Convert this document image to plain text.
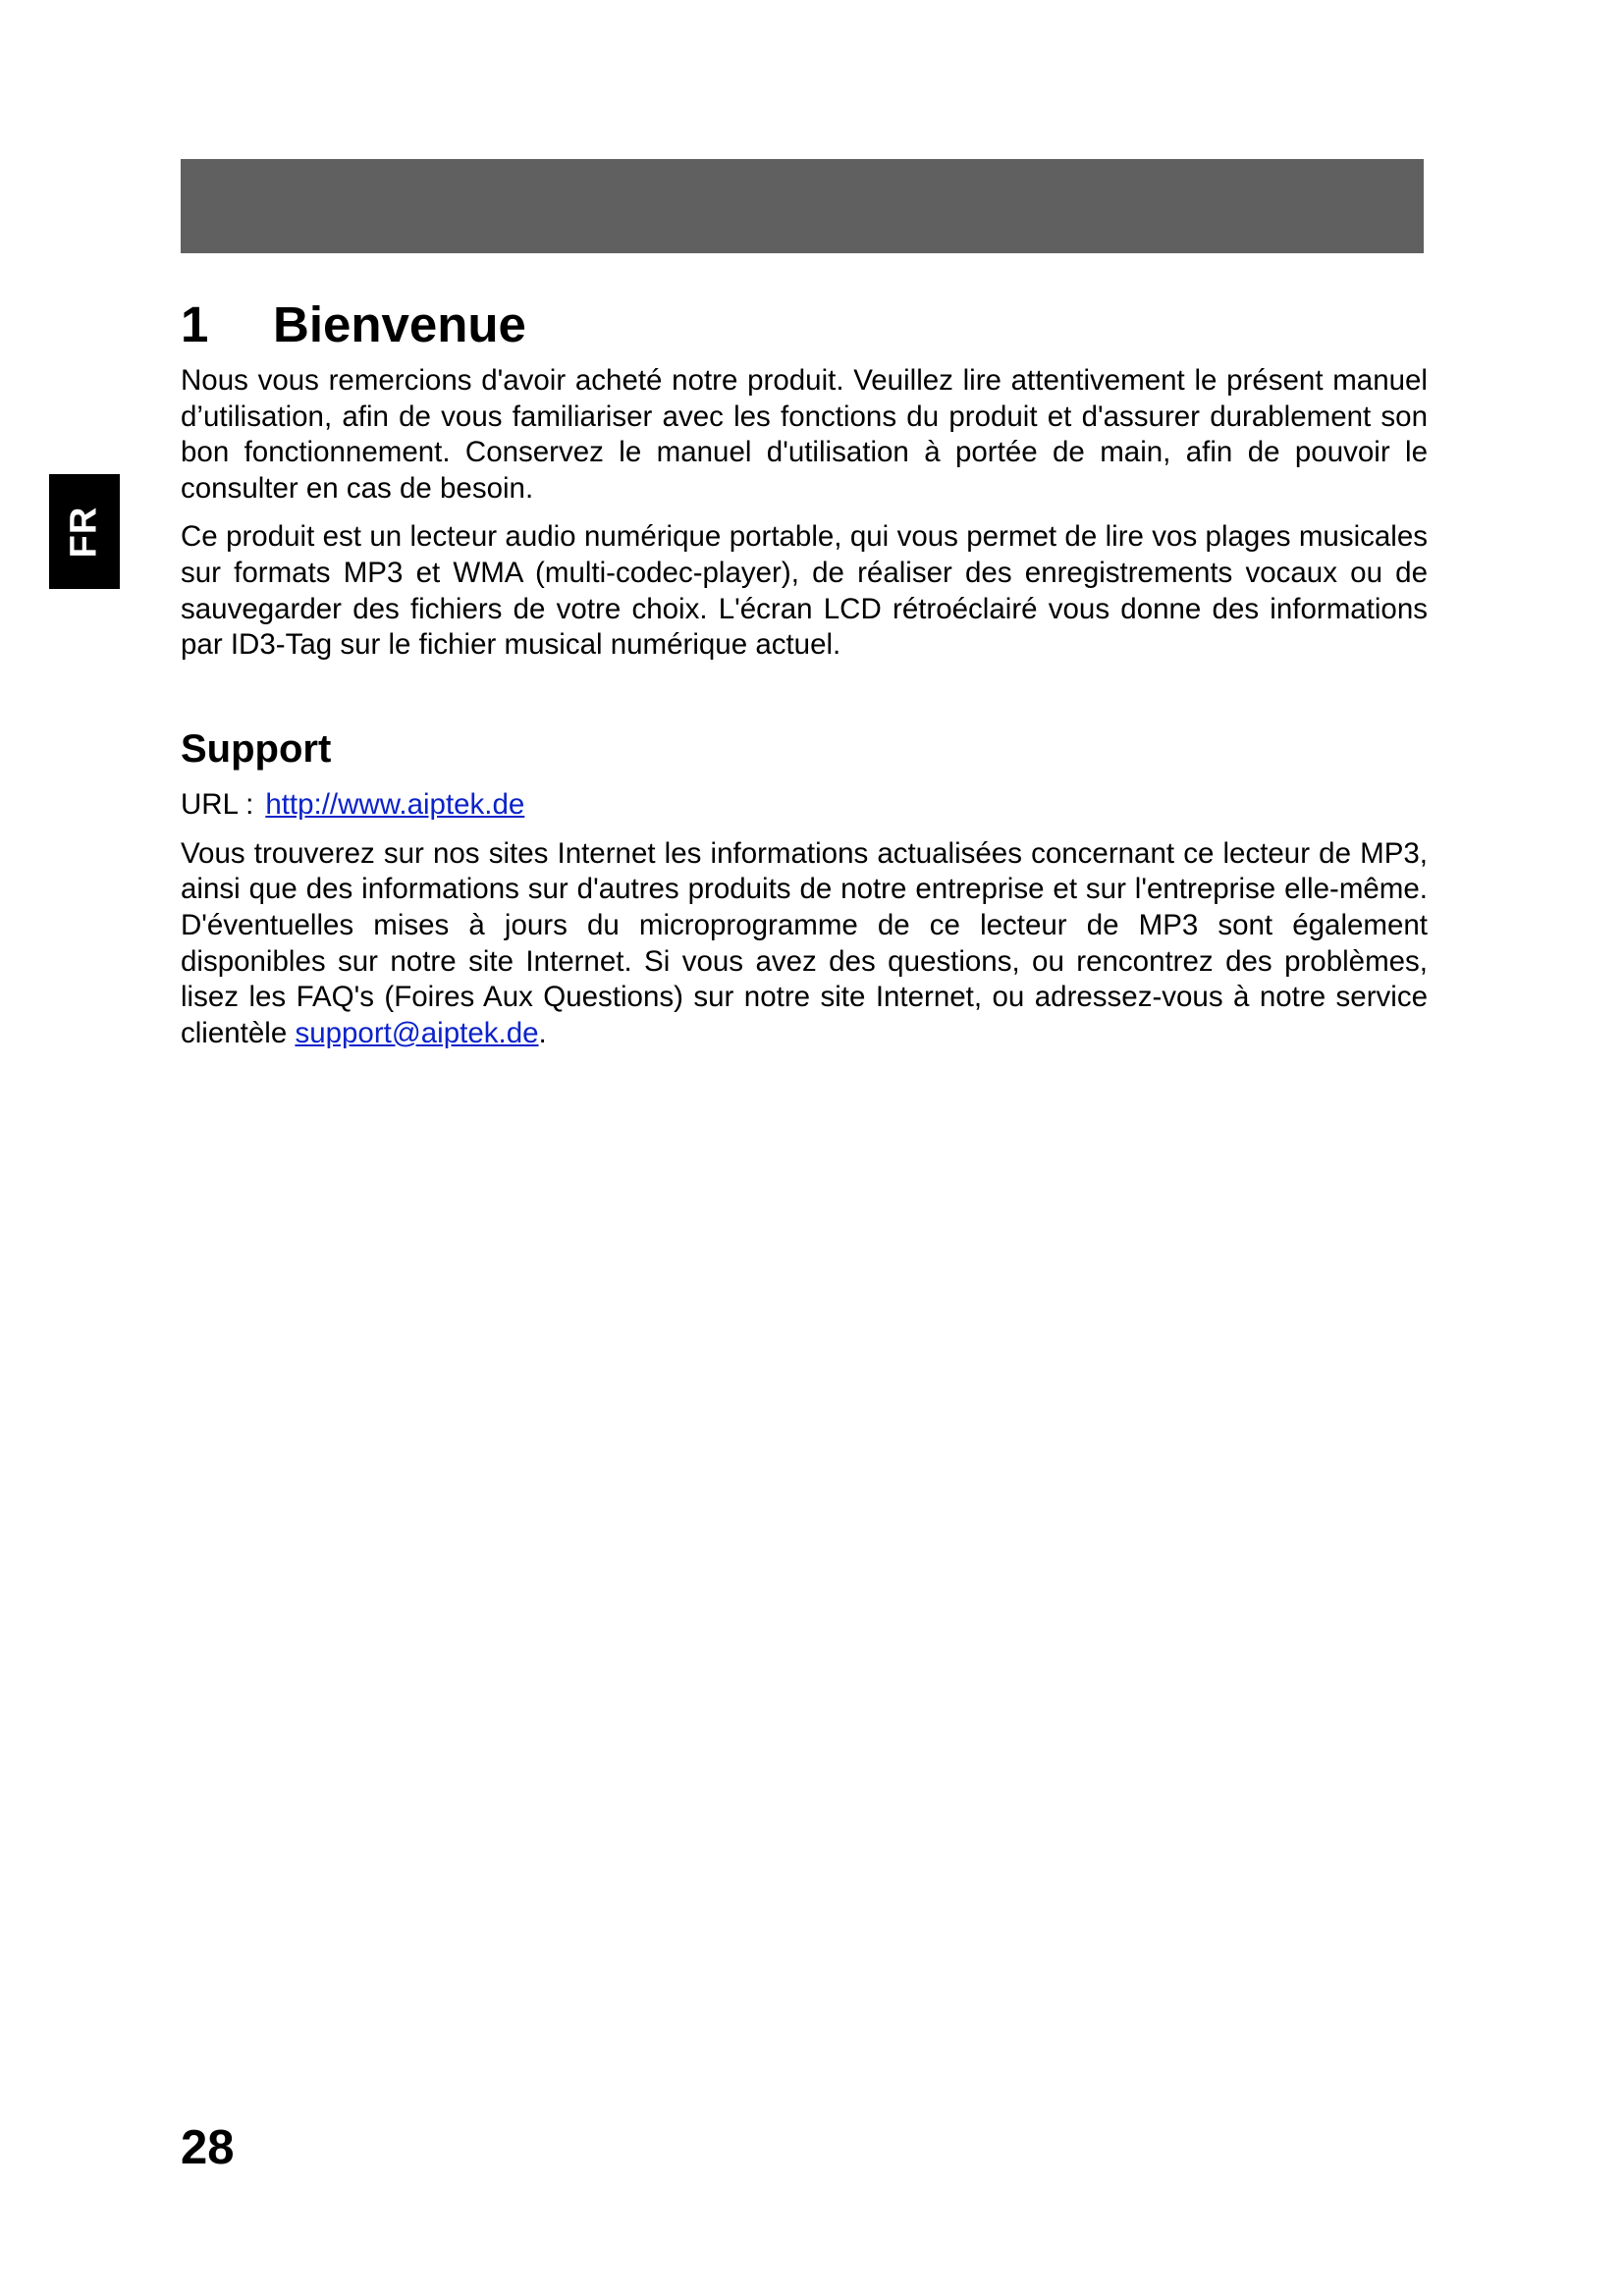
FR
1	Bienvenue

Nous vous remercions d'avoir acheté notre produit. Veuillez lire attentivement le présent manuel d’utilisation, afin de vous familiariser avec les fonctions du produit et d'assurer durablement son bon fonctionnement. Conservez le manuel d'utilisation à portée de main, afin de pouvoir le consulter en cas de besoin.

Ce produit est un lecteur audio numérique portable, qui vous permet de lire vos plages musicales sur formats MP3 et WMA (multi-codec-player), de réaliser des enregistrements vocaux ou de sauvegarder des fichiers de votre choix. L'écran LCD rétroéclairé vous donne des informations par ID3-Tag sur le fichier musical numérique actuel.

Support
URL : http://www.aiptek.de

Vous trouverez sur nos sites Internet les informations actualisées concernant ce lecteur de MP3, ainsi que des informations sur d'autres produits de notre entreprise et sur l'entreprise elle-même. D'éventuelles mises à jours du microprogramme de ce lecteur de MP3 sont également disponibles sur notre site Internet. Si vous avez des questions, ou rencontrez des problèmes, lisez les FAQ's (Foires Aux Questions) sur notre site Internet, ou adressez-vous à notre service clientèle support@aiptek.de.

28
